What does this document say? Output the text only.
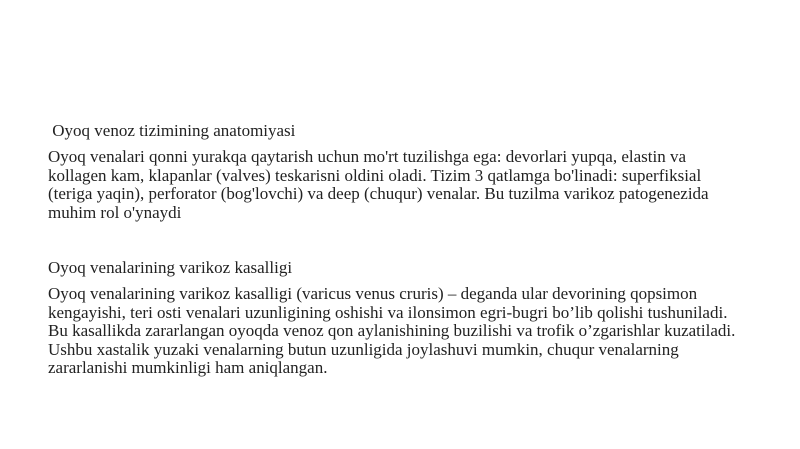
Oyoq venoz tizimining anatomiyasi

Oyoq venalari qonni yurakqa qaytarish uchun mo'rt tuzilishga ega: devorlari yupqa, elastin va kollagen kam, klapanlar (valves) teskarisni oldini oladi. Tizim 3 qatlamga bo'linadi: superfiksial (teriga yaqin), perforator (bog'lovchi) va deep (chuqur) venalar. Bu tuzilma varikoz patogenezida muhim rol o'ynaydi

Oyoq venalarining varikoz kasalligi

Oyoq venalarining varikoz kasalligi (varicus venus cruris) – deganda ular devorining qopsimon kengayishi, teri osti venalari uzunligining oshishi va ilonsimon egri-bugri bo’lib qolishi tushuniladi. Bu kasallikda zararlangan oyoqda venoz qon aylanishining buzilishi va trofik o’zgarishlar kuzatiladi. Ushbu xastalik yuzaki venalarning butun uzunligida joylashuvi mumkin, chuqur venalarning zararlanishi mumkinligi ham aniqlangan.
